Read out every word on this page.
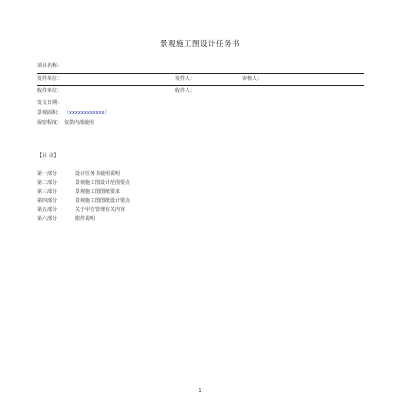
景观施工图设计任务书
项目名称：
发件单位：	发件人：	审核人：
收件单位：	收件人：
发文日期：
景观面积： （xxxxxxxxxxxx）
保密程度： 仅供内部使用
【目 录】
第一部分	设计任务书使用说明
第二部分	景观施工图设计范围要点
第三部分	景观施工图图纸要求
第四部分	景观施工图图纸设计要点
第五部分	关于甲方管理有关内容
第六部分	附件说明
1
